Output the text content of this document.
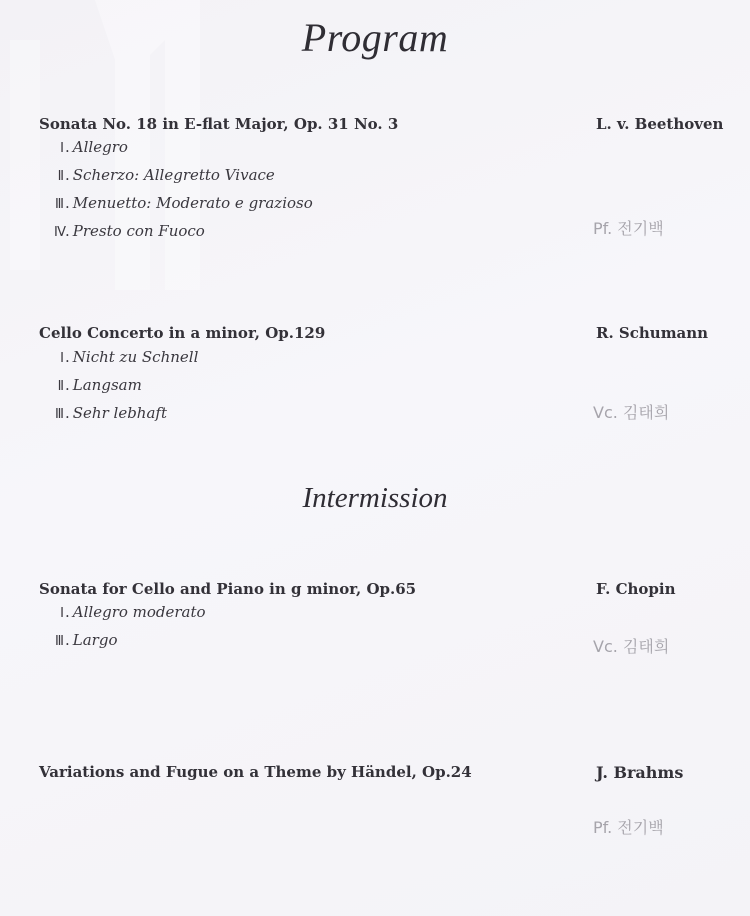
Program
Sonata No. 18 in E-flat Major, Op. 31 No. 3	L. v. Beethoven
Ⅰ. Allegro
Ⅱ. Scherzo: Allegretto Vivace
Ⅲ. Menuetto: Moderato e grazioso
Ⅳ. Presto con Fuoco	Pf. 전기백
Cello Concerto in a minor, Op.129	R. Schumann
Ⅰ. Nicht zu Schnell
Ⅱ. Langsam
Ⅲ. Sehr lebhaft	Vc. 김태희
Intermission
Sonata for Cello and Piano in g minor, Op.65	F. Chopin
Ⅰ. Allegro moderato
Ⅲ. Largo	Vc. 김태희
Variations and Fugue on a Theme by Händel, Op.24	J. Brahms
Pf. 전기백
